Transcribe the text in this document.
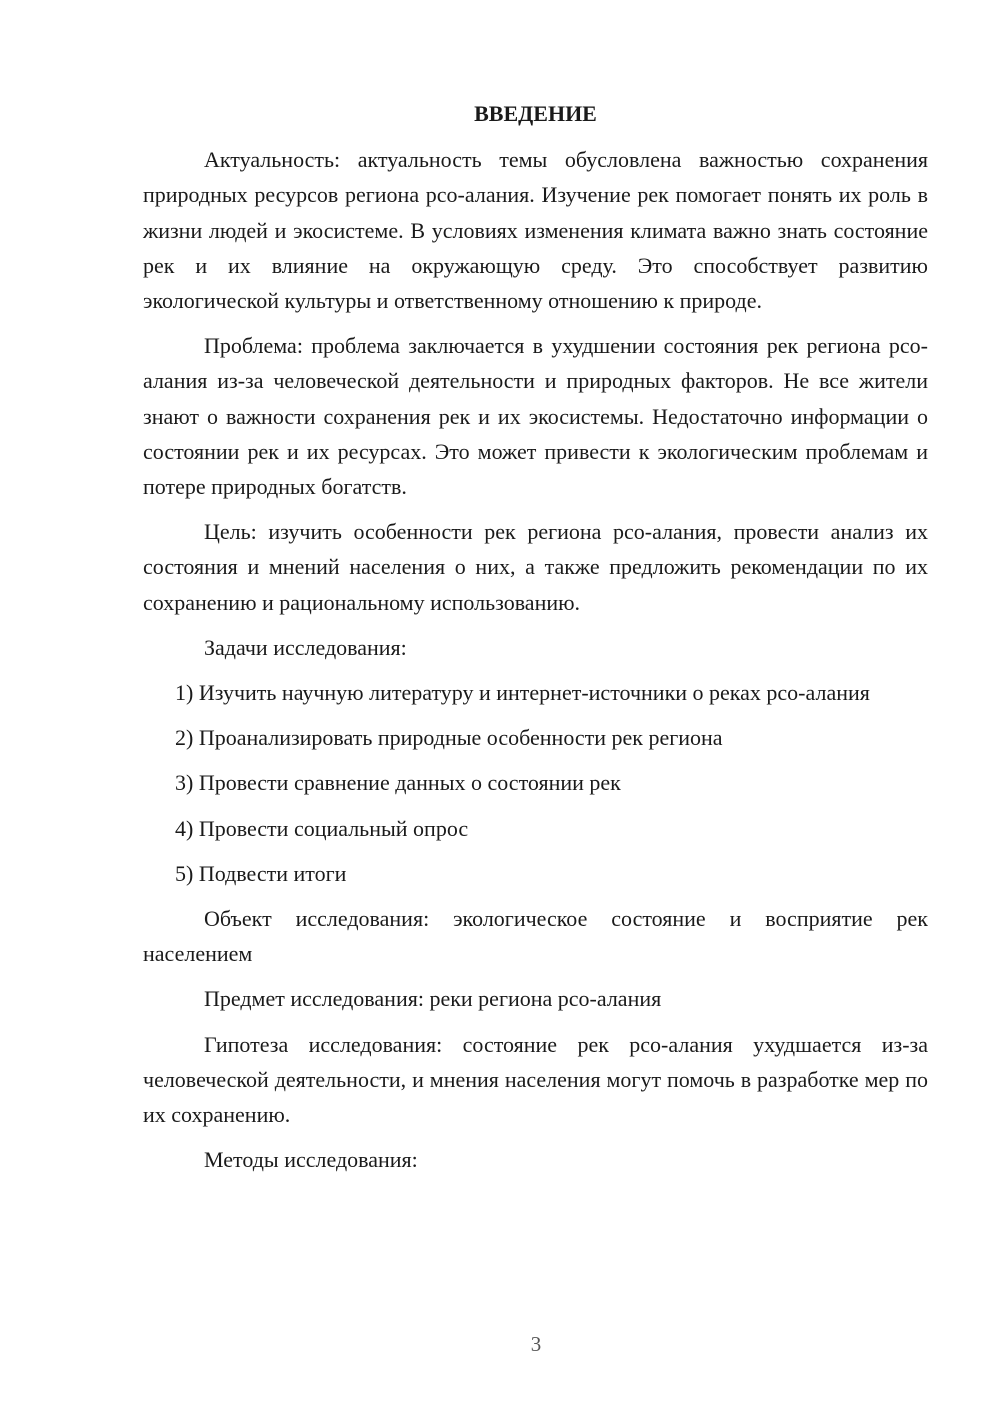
ВВЕДЕНИЕ

Актуальность: актуальность темы обусловлена важностью сохранения природных ресурсов региона рсо-алания. Изучение рек помогает понять их роль в жизни людей и экосистеме. В условиях изменения климата важно знать состояние рек и их влияние на окружающую среду. Это способствует развитию экологической культуры и ответственному отношению к природе.

Проблема: проблема заключается в ухудшении состояния рек региона рсо-алания из-за человеческой деятельности и природных факторов. Не все жители знают о важности сохранения рек и их экосистемы. Недостаточно информации о состоянии рек и их ресурсах. Это может привести к экологическим проблемам и потере природных богатств.

Цель: изучить особенности рек региона рсо-алания, провести анализ их состояния и мнений населения о них, а также предложить рекомендации по их сохранению и рациональному использованию.

Задачи исследования:

1) Изучить научную литературу и интернет-источники о реках рсо-алания

2) Проанализировать природные особенности рек региона

3) Провести сравнение данных о состоянии рек

4) Провести социальный опрос

5) Подвести итоги

Объект исследования: экологическое состояние и восприятие рек населением

Предмет исследования: реки региона рсо-алания

Гипотеза исследования: состояние рек рсо-алания ухудшается из-за человеческой деятельности, и мнения населения могут помочь в разработке мер по их сохранению.

Методы исследования:

3
